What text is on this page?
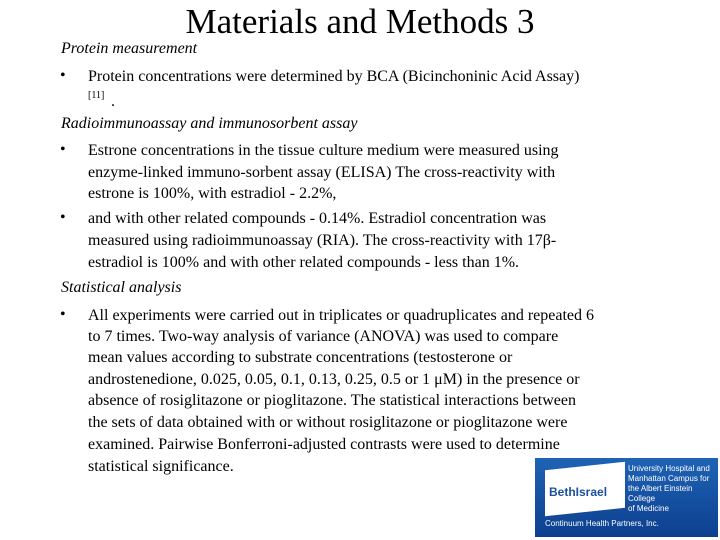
Materials and Methods 3
Protein measurement
• Protein concentrations were determined by BCA (Bicinchoninic Acid Assay)
[11] .
Radioimmunoassay and immunosorbent assay
• Estrone concentrations in the tissue culture medium were measured using
enzyme-linked immuno-sorbent assay (ELISA) The cross-reactivity with
estrone is 100%, with estradiol - 2.2%,
• and with other related compounds - 0.14%. Estradiol concentration was
measured using radioimmunoassay (RIA). The cross-reactivity with 17β-
estradiol is 100% and with other related compounds - less than 1%.
Statistical analysis
• All experiments were carried out in triplicates or quadruplicates and repeated 6
to 7 times. Two-way analysis of variance (ANOVA) was used to compare
mean values according to substrate concentrations (testosterone or
androstenedione, 0.025, 0.05, 0.1, 0.13, 0.25, 0.5 or 1 μM) in the presence or
absence of rosiglitazone or pioglitazone. The statistical interactions between
the sets of data obtained with or without rosiglitazone or pioglitazone were
examined. Pairwise Bonferroni-adjusted contrasts were used to determine
statistical significance.
BethIsrael
University Hospital and
Manhattan Campus for
the Albert Einstein College
of Medicine
Continuum Health Partners, Inc.
